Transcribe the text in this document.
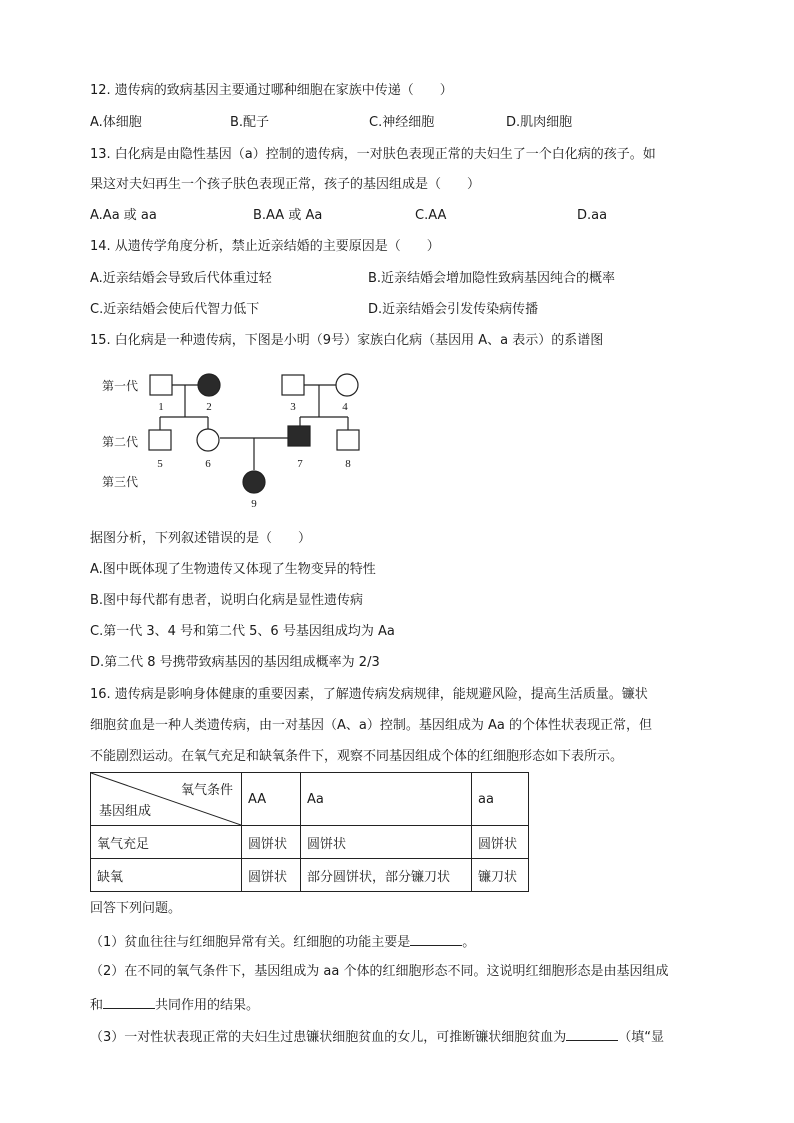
12. 遗传病的致病基因主要通过哪种细胞在家族中传递（　　）
A.体细胞	B.配子	C.神经细胞	D.肌肉细胞
13. 白化病是由隐性基因（a）控制的遗传病，一对肤色表现正常的夫妇生了一个白化病的孩子。如
果这对夫妇再生一个孩子肤色表现正常，孩子的基因组成是（　　）
A.Aa 或 aa	B.AA 或 Aa	C.AA	D.aa
14. 从遗传学角度分析，禁止近亲结婚的主要原因是（　　）
A.近亲结婚会导致后代体重过轻	B.近亲结婚会增加隐性致病基因纯合的概率
C.近亲结婚会使后代智力低下	D.近亲结婚会引发传染病传播
15. 白化病是一种遗传病，下图是小明（9号）家族白化病（基因用 A、a 表示）的系谱图
第一代
第二代
第三代
1	2	3	4
5	6	7	8
9
据图分析，下列叙述错误的是（　　）
A.图中既体现了生物遗传又体现了生物变异的特性
B.图中每代都有患者，说明白化病是显性遗传病
C.第一代 3、4 号和第二代 5、6 号基因组成均为 Aa
D.第二代 8 号携带致病基因的基因组成概率为 2/3
16. 遗传病是影响身体健康的重要因素，了解遗传病发病规律，能规避风险，提高生活质量。镰状
细胞贫血是一种人类遗传病，由一对基因（A、a）控制。基因组成为 Aa 的个体性状表现正常，但
不能剧烈运动。在氧气充足和缺氧条件下，观察不同基因组成个体的红细胞形态如下表所示。
氧气条件
基因组成	AA	Aa	aa
氧气充足	圆饼状	圆饼状	圆饼状
缺氧	圆饼状	部分圆饼状，部分镰刀状	镰刀状
回答下列问题。
（1）贫血往往与红细胞异常有关。红细胞的功能主要是	。
（2）在不同的氧气条件下，基因组成为 aa 个体的红细胞形态不同。这说明红细胞形态是由基因组成
和	共同作用的结果。
（3）一对性状表现正常的夫妇生过患镰状细胞贫血的女儿，可推断镰状细胞贫血为	（填“显
